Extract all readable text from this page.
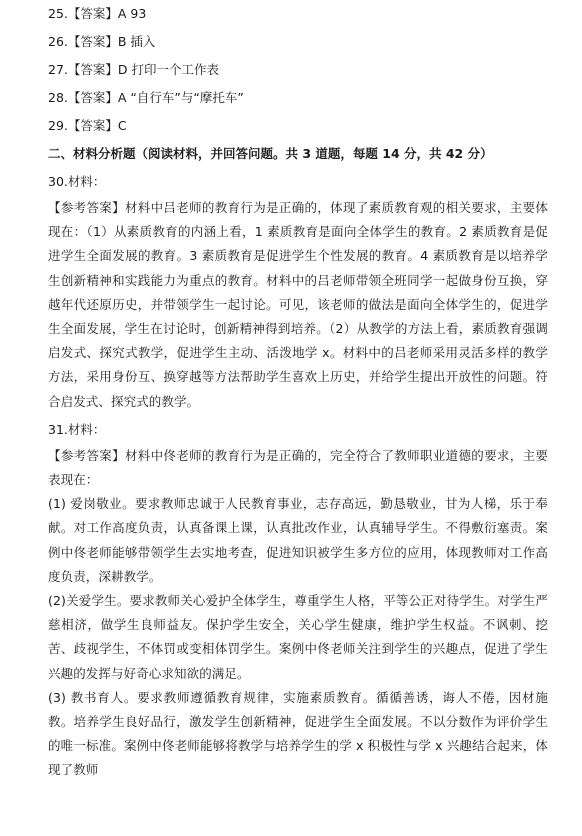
25.【答案】A 93

26.【答案】B 插入

27.【答案】D 打印一个工作表

28.【答案】A “自行车”与“摩托车”

29.【答案】C

二、材料分析题（阅读材料，并回答问题。共 3 道题，每题 14 分，共 42 分）

30.材料：

【参考答案】材料中吕老师的教育行为是正确的，体现了素质教育观的相关要求，主要体现在：（1）从素质教育的内涵上看，1 素质教育是面向全体学生的教育。2 素质教育是促进学生全面发展的教育。3 素质教育是促进学生个性发展的教育。4 素质教育是以培养学生创新精神和实践能力为重点的教育。材料中的吕老师带领全班同学一起做身份互换，穿越年代还原历史，并带领学生一起讨论。可见，该老师的做法是面向全体学生的，促进学生全面发展，学生在讨论时，创新精神得到培养。（2）从教学的方法上看，素质教育强调启发式、探究式教学，促进学生主动、活泼地学 x。材料中的吕老师采用灵活多样的教学方法，采用身份互、换穿越等方法帮助学生喜欢上历史，并给学生提出开放性的问题。符合启发式、探究式的教学。

31.材料：

【参考答案】材料中佟老师的教育行为是正确的，完全符合了教师职业道德的要求，主要表现在：

(1) 爱岗敬业。要求教师忠诚于人民教育事业，志存高远，勤恳敬业，甘为人梯，乐于奉献。对工作高度负责，认真备课上课，认真批改作业，认真辅导学生。不得敷衍塞责。案例中佟老师能够带领学生去实地考查，促进知识被学生多方位的应用，体现教师对工作高度负责，深耕教学。

(2)关爱学生。要求教师关心爱护全体学生，尊重学生人格，平等公正对待学生。对学生严慈相济，做学生良师益友。保护学生安全，关心学生健康，维护学生权益。不讽刺、挖苦、歧视学生，不体罚或变相体罚学生。案例中佟老师关注到学生的兴趣点，促进了学生兴趣的发挥与好奇心求知欲的满足。

(3) 教书育人。要求教师遵循教育规律，实施素质教育。循循善诱，诲人不倦，因材施教。培养学生良好品行，激发学生创新精神，促进学生全面发展。不以分数作为评价学生的唯一标准。案例中佟老师能够将教学与培养学生的学 x 积极性与学 x 兴趣结合起来，体现了教师
